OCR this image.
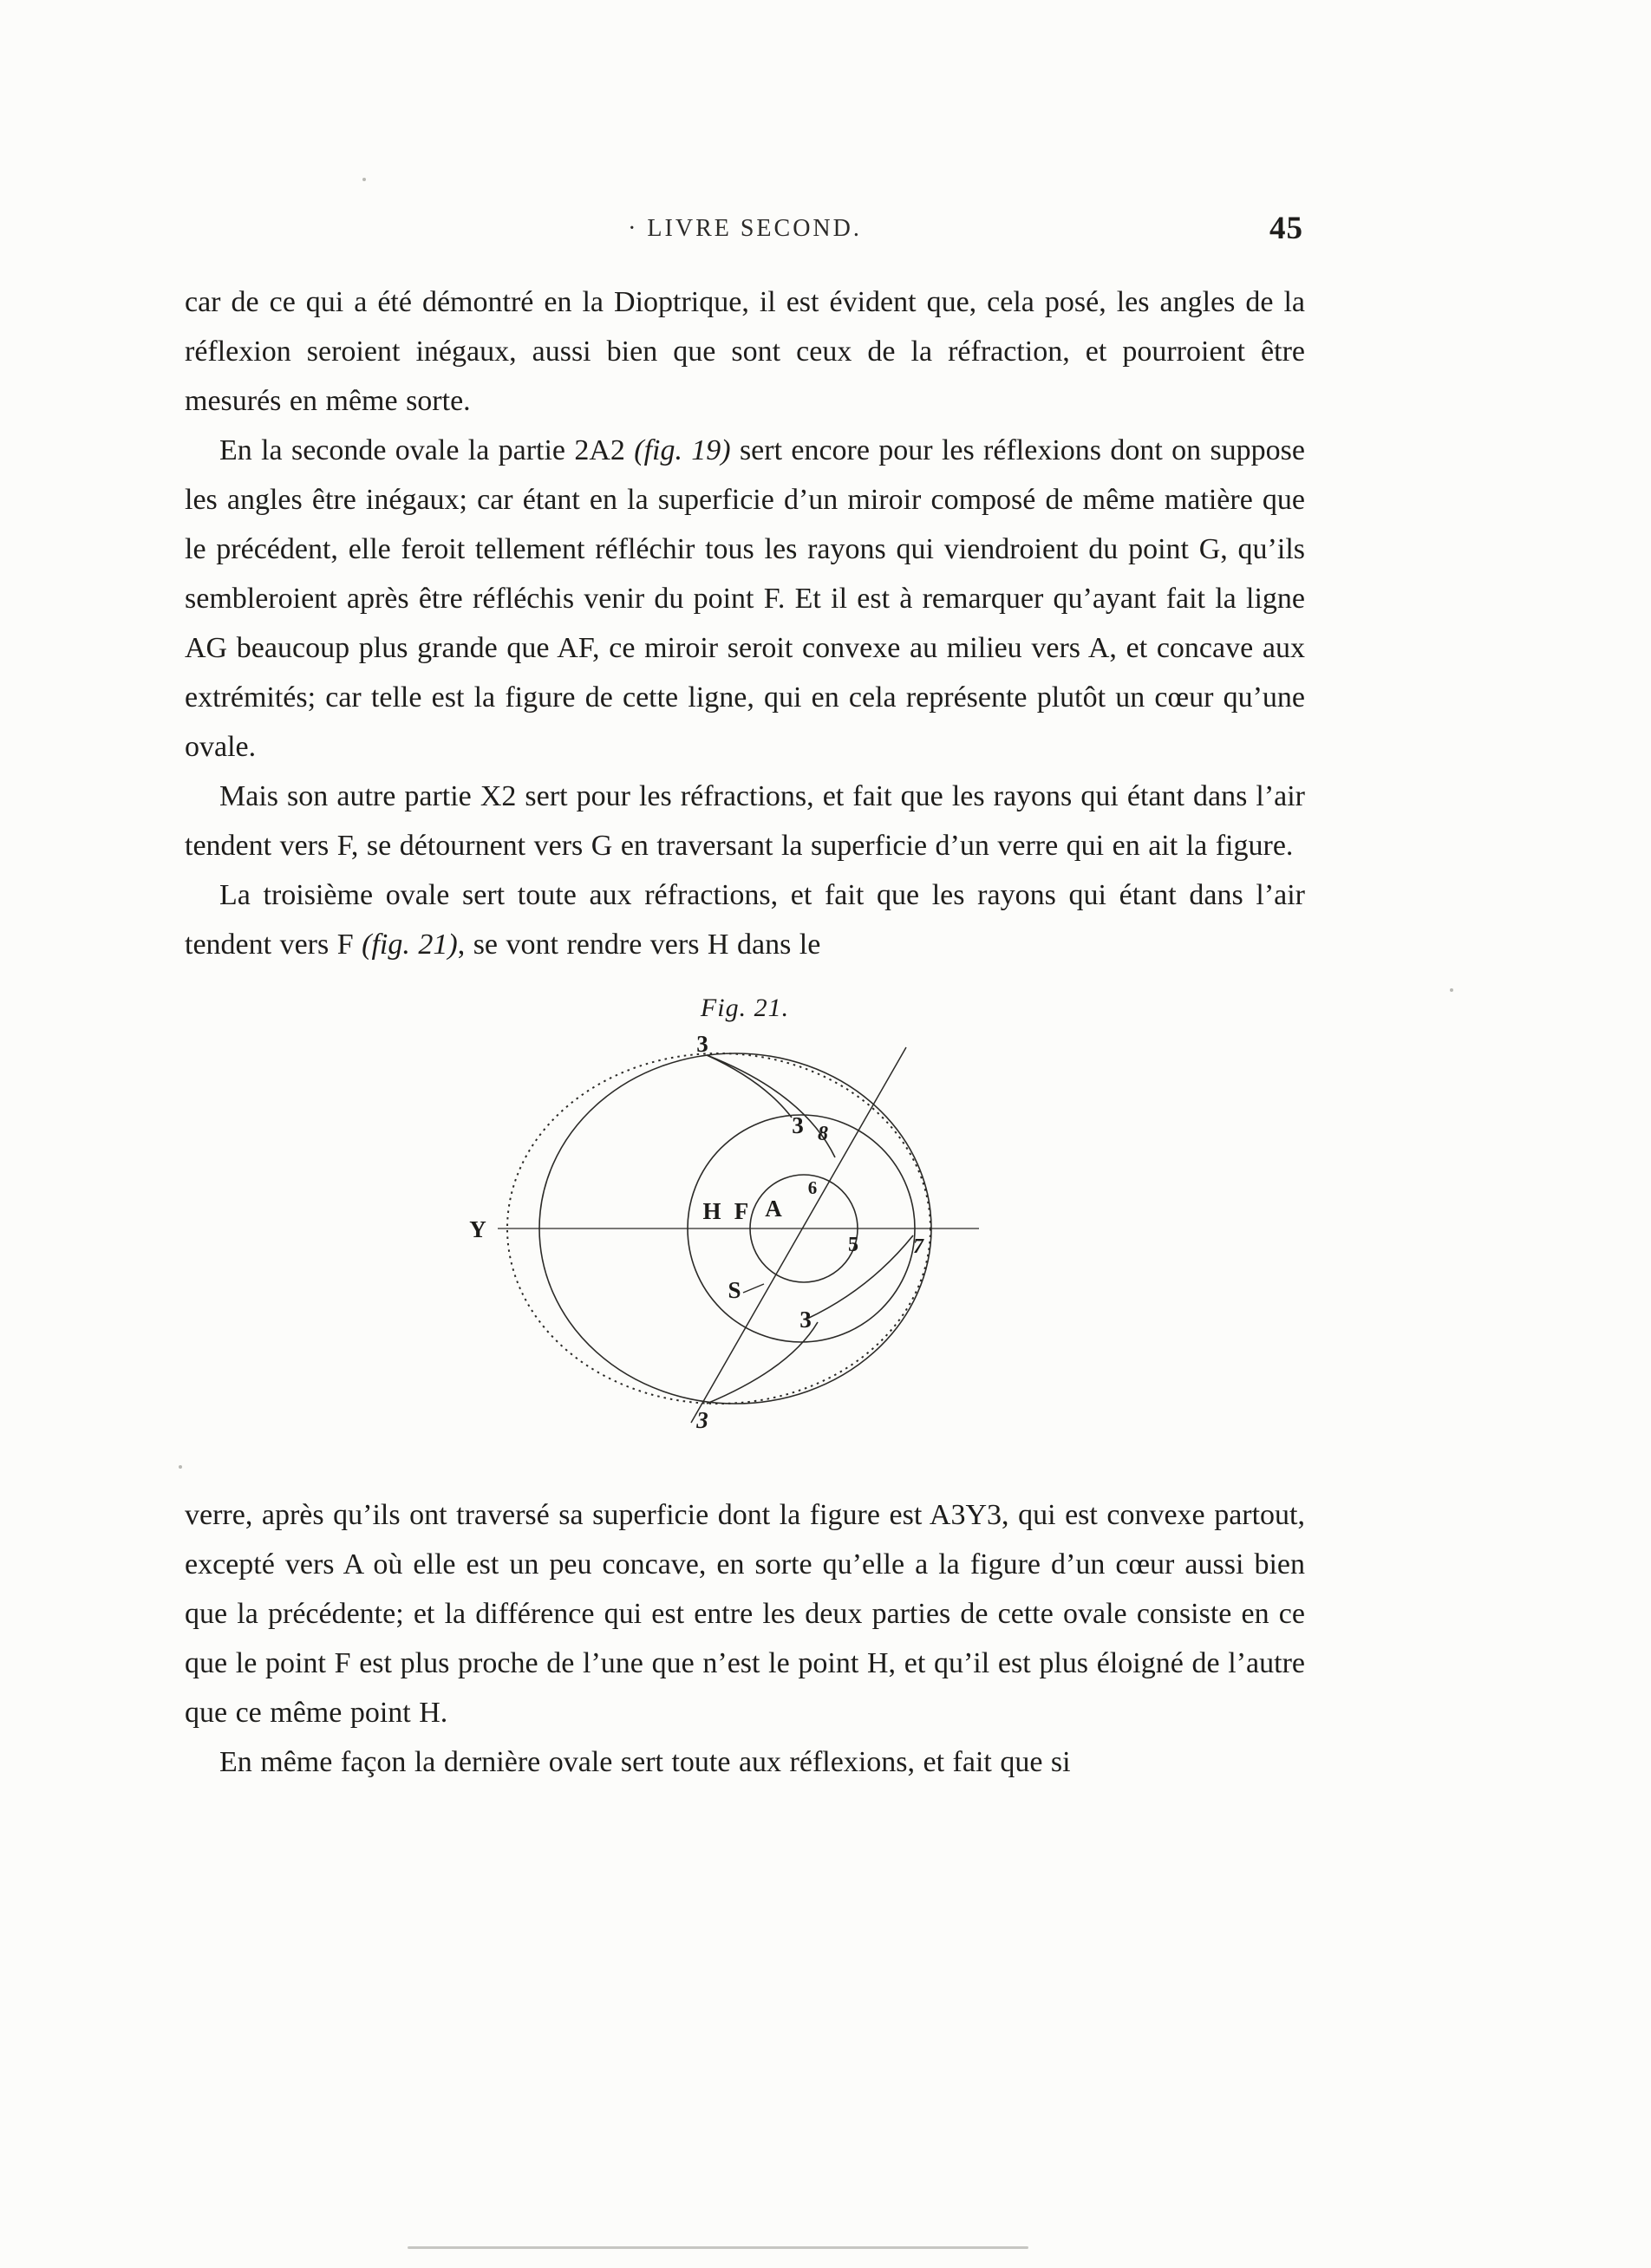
· LIVRE SECOND.	45

car de ce qui a été démontré en la Dioptrique, il est évident que, cela posé, les angles de la réflexion seroient inégaux, aussi bien que sont ceux de la réfraction, et pourroient être mesurés en même sorte.

En la seconde ovale la partie 2A2 (fig. 19) sert encore pour les réflexions dont on suppose les angles être inégaux; car étant en la superficie d’un miroir composé de même matière que le précédent, elle feroit tellement réfléchir tous les rayons qui viendroient du point G, qu’ils sembleroient après être réfléchis venir du point F. Et il est à remarquer qu’ayant fait la ligne AG beaucoup plus grande que AF, ce miroir seroit convexe au milieu vers A, et concave aux extrémités; car telle est la figure de cette ligne, qui en cela représente plutôt un cœur qu’une ovale.

Mais son autre partie X2 sert pour les réfractions, et fait que les rayons qui étant dans l’air tendent vers F, se détournent vers G en traversant la superficie d’un verre qui en ait la figure.

La troisième ovale sert toute aux réfractions, et fait que les rayons qui étant dans l’air tendent vers F (fig. 21), se vont rendre vers H dans le

Fig. 21.
Y
H F A
3
3 8
6
5	7
S
3
3

verre, après qu’ils ont traversé sa superficie dont la figure est A3Y3, qui est convexe partout, excepté vers A où elle est un peu concave, en sorte qu’elle a la figure d’un cœur aussi bien que la précédente; et la différence qui est entre les deux parties de cette ovale consiste en ce que le point F est plus proche de l’une que n’est le point H, et qu’il est plus éloigné de l’autre que ce même point H.

En même façon la dernière ovale sert toute aux réflexions, et fait que si
